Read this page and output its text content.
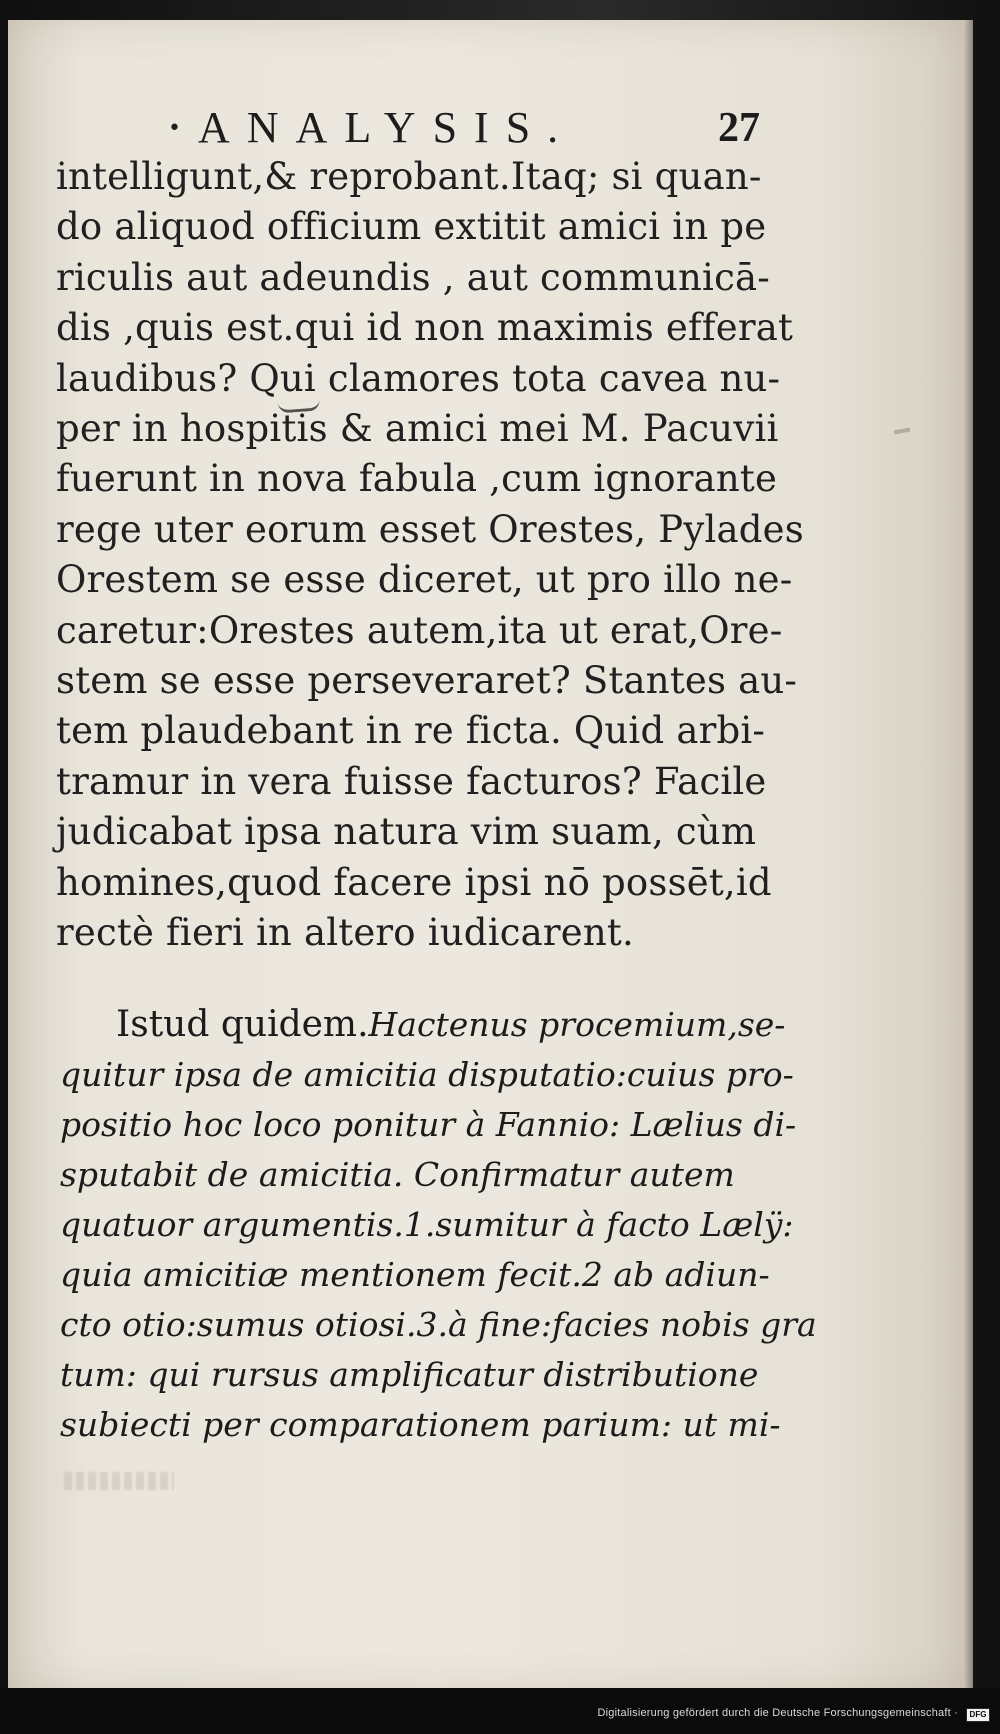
• ANALYSIS.	27
intelligunt,& reprobant.Itaq; si quan-
do aliquod officium extitit amici in pe
riculis aut adeundis , aut communicā-
dis ,quis est.qui id non maximis efferat
laudibus? Qui clamores tota cavea nu-
per in hospitis & amici mei M. Pacuvii
fuerunt in nova fabula ,cum ignorante
rege uter eorum esset Orestes, Pylades
Orestem se esse diceret, ut pro illo ne-
caretur:Orestes autem,ita ut erat,Ore-
stem se esse perseveraret? Stantes au-
tem plaudebant in re ficta. Quid arbi-
tramur in vera fuisse facturos? Facile
judicabat ipsa natura vim suam, cùm
homines,quod facere ipsi nō possēt,id
rectè fieri in altero iudicarent.
Istud quidem.Hactenus procemium,se-
quitur ipsa de amicitia disputatio:cuius pro-
positio hoc loco ponitur à Fannio: Lælius di-
sputabit de amicitia. Confirmatur autem
quatuor argumentis.1.sumitur à facto Lælÿ:
quia amicitiæ mentionem fecit.2 ab adiun-
cto otio:sumus otiosi.3.à fine:facies nobis gra
tum: qui rursus amplificatur distributione
subiecti per comparationem parium: ut mi-
Digitalisierung gefördert durch die Deutsche Forschungsgemeinschaft ·	DFG
